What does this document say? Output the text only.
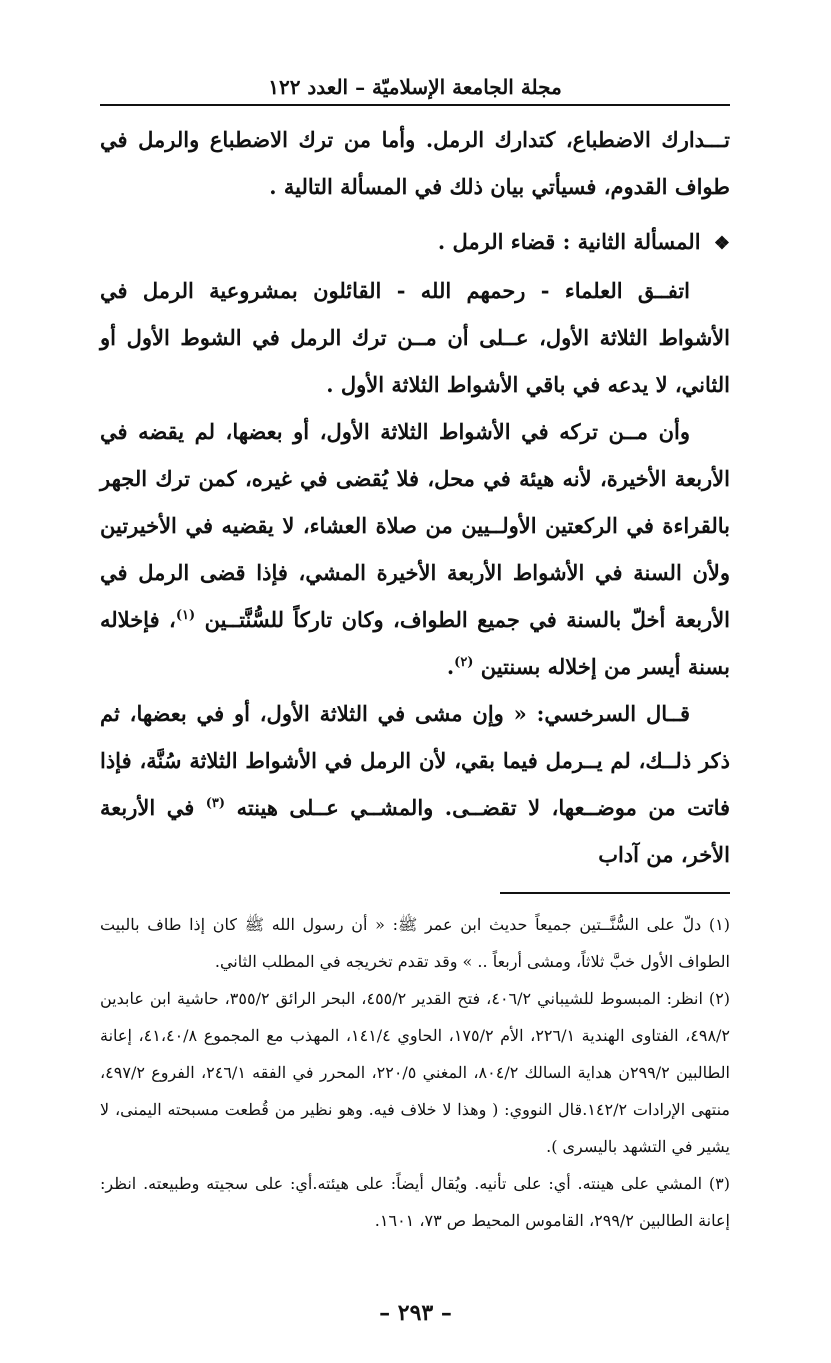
مجلة الجامعة الإسلاميّة – العدد ١٢٢

تـــدارك الاضطباع، كتدارك الرمل. وأما من ترك الاضطباع والرمل في طواف القدوم، فسيأتي بيان ذلك في المسألة التالية .

❖ المسألة الثانية : قضاء الرمل .

اتفــق العلماء - رحمهم الله - القائلون بمشروعية الرمل في الأشواط الثلاثة الأول، عــلى أن مــن ترك الرمل في الشوط الأول أو الثاني، لا يدعه في باقي الأشواط الثلاثة الأول .

وأن مــن تركه في الأشواط الثلاثة الأول، أو بعضها، لم يقضه في الأربعة الأخيرة، لأنه هيئة في محل، فلا يُقضى في غيره، كمن ترك الجهر بالقراءة في الركعتين الأولــيين من صلاة العشاء، لا يقضيه في الأخيرتين ولأن السنة في الأشواط الأربعة الأخيرة المشي، فإذا قضى الرمل في الأربعة أخلّ بالسنة في جميع الطواف، وكان تاركاً للسُّنَّتــين $^{(١)}$، فإخلاله بسنة أيسر من إخلاله بسنتين $^{(٢)}$.

قــال السرخسي: « وإن مشى في الثلاثة الأول، أو في بعضها، ثم ذكر ذلــك، لم يــرمل فيما بقي، لأن الرمل في الأشواط الثلاثة سُنَّة، فإذا فاتت من موضــعها، لا تقضــى. والمشــي عــلى هينته $^{(٣)}$ في الأربعة الأخر، من آداب

(١) دلّ على السُّنَّــتين جميعاً حديث ابن عمر ﷺ: « أن رسول الله ﷺ كان إذا طاف بالبيت الطواف الأول خبَّ ثلاثاً، ومشى أربعاً .. » وقد تقدم تخريجه في المطلب الثاني.

(٢) انظر: المبسوط للشيباني ٤٠٦/٢، فتح القدير ٤٥٥/٢، البحر الرائق ٣٥٥/٢، حاشية ابن عابدين ٤٩٨/٢، الفتاوى الهندية ٢٢٦/١، الأم ١٧٥/٢، الحاوي ١٤١/٤، المهذب مع المجموع ٤١،٤٠/٨، إعانة الطالبين ٢٩٩/٢ن هداية السالك ٨٠٤/٢، المغني ٢٢٠/٥، المحرر في الفقه ٢٤٦/١، الفروع ٤٩٧/٢، منتهى الإرادات ١٤٢/٢.قال النووي: ( وهذا لا خلاف فيه. وهو نظير من قُطعت مسبحته اليمنى، لا يشير في التشهد باليسرى ).

(٣) المشي على هينته. أي: على تأنيه. ويُقال أيضاً: على هيئته.أي: على سجيته وطبيعته. انظر: إعانة الطالبين ٢٩٩/٢، القاموس المحيط ص ٧٣، ١٦٠١.

– ٢٩٣ –
